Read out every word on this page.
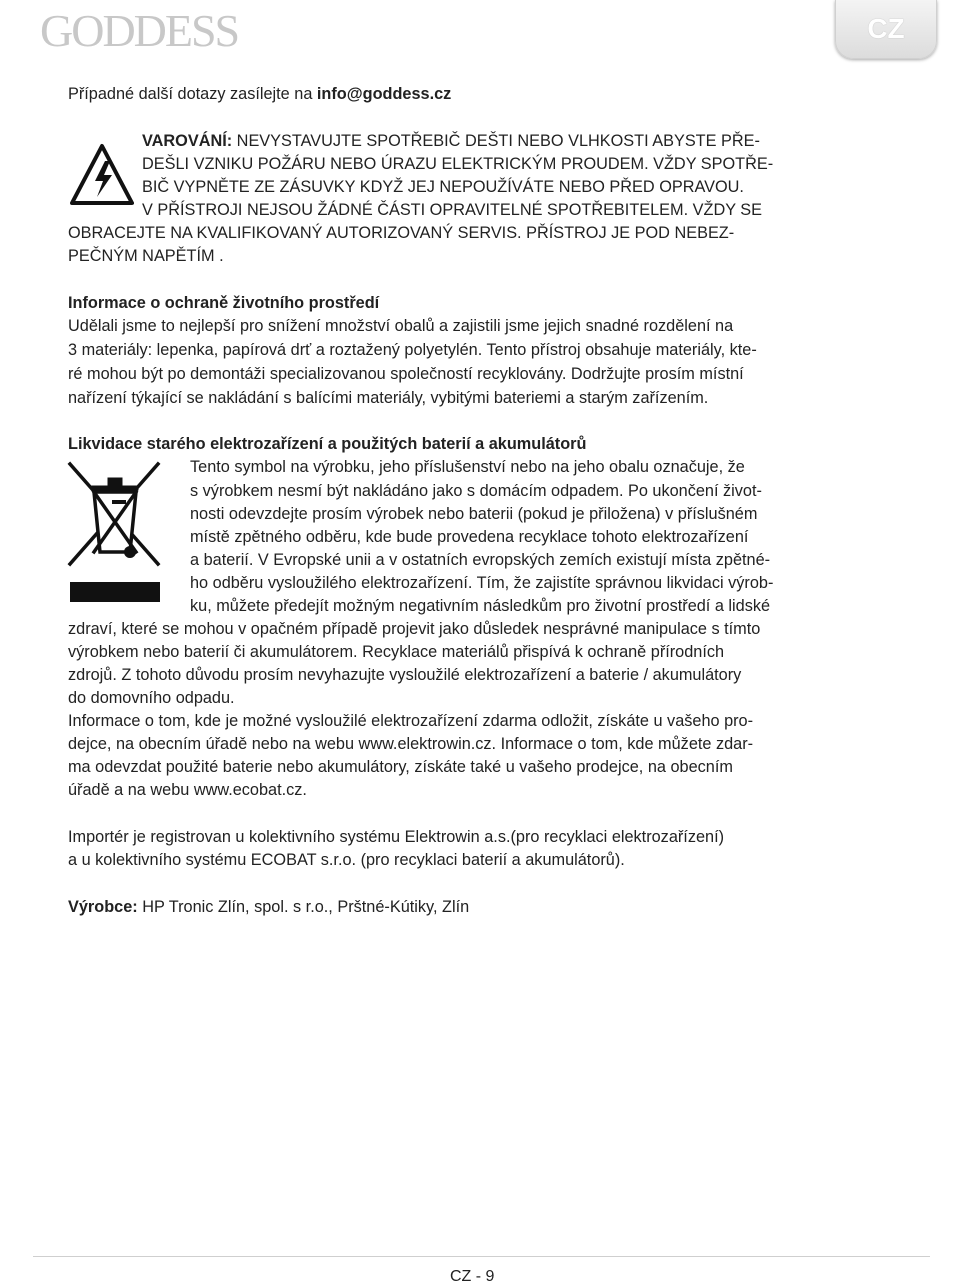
GODDESS	CZ
Případné další dotazy zasílejte na info@goddess.cz
VAROVÁNÍ: NEVYSTAVUJTE SPOTŘEBIČ DEŠTI NEBO VLHKOSTI ABYSTE PŘE-
DEŠLI VZNIKU POŽÁRU NEBO ÚRAZU ELEKTRICKÝM PROUDEM. VŽDY SPOTŘE-
BIČ VYPNĚTE ZE ZÁSUVKY KDYŽ JEJ NEPOUŽÍVÁTE NEBO PŘED OPRAVOU.
V PŘÍSTROJI NEJSOU ŽÁDNÉ ČÁSTI OPRAVITELNÉ SPOTŘEBITELEM. VŽDY SE
OBRACEJTE NA KVALIFIKOVANÝ AUTORIZOVANÝ SERVIS. PŘÍSTROJ JE POD NEBEZ-
PEČNÝM NAPĚTÍM .
Informace o ochraně životního prostředí
Udělali jsme to nejlepší pro snížení množství obalů a zajistili jsme jejich snadné rozdělení na
3 materiály: lepenka, papírová drť a roztažený polyetylén. Tento přístroj obsahuje materiály, kte-
ré mohou být po demontáži specializovanou společností recyklovány. Dodržujte prosím místní
nařízení týkající se nakládání s balícími materiály, vybitými bateriemi a starým zařízením.
Likvidace starého elektrozařízení a použitých baterií a akumulátorů
Tento symbol na výrobku, jeho příslušenství nebo na jeho obalu označuje, že
s výrobkem nesmí být nakládáno jako s domácím odpadem. Po ukončení život-
nosti odevzdejte prosím výrobek nebo baterii (pokud je přiložena) v příslušném
místě zpětného odběru, kde bude provedena recyklace tohoto elektrozařízení
a baterií. V Evropské unii a v ostatních evropských zemích existují místa zpětné-
ho odběru vysloužilého elektrozařízení. Tím, že zajistíte správnou likvidaci výrob-
ku, můžete předejít možným negativním následkům pro životní prostředí a lidské
zdraví, které se mohou v opačném případě projevit jako důsledek nesprávné manipulace s tímto
výrobkem nebo baterií či akumulátorem. Recyklace materiálů přispívá k ochraně přírodních
zdrojů. Z tohoto důvodu prosím nevyhazujte vysloužilé elektrozařízení a baterie / akumulátory
do domovního odpadu.
Informace o tom, kde je možné vysloužilé elektrozařízení zdarma odložit, získáte u vašeho pro-
dejce, na obecním úřadě nebo na webu www.elektrowin.cz. Informace o tom, kde můžete zdar-
ma odevzdat použité baterie nebo akumulátory, získáte také u vašeho prodejce, na obecním
úřadě a na webu www.ecobat.cz.
Importér je registrovan u kolektivního systému Elektrowin a.s.(pro recyklaci elektrozařízení)
a u kolektivního systému ECOBAT s.r.o. (pro recyklaci baterií a akumulátorů).
Výrobce: HP Tronic Zlín, spol. s r.o., Prštné-Kútiky, Zlín
CZ - 9
